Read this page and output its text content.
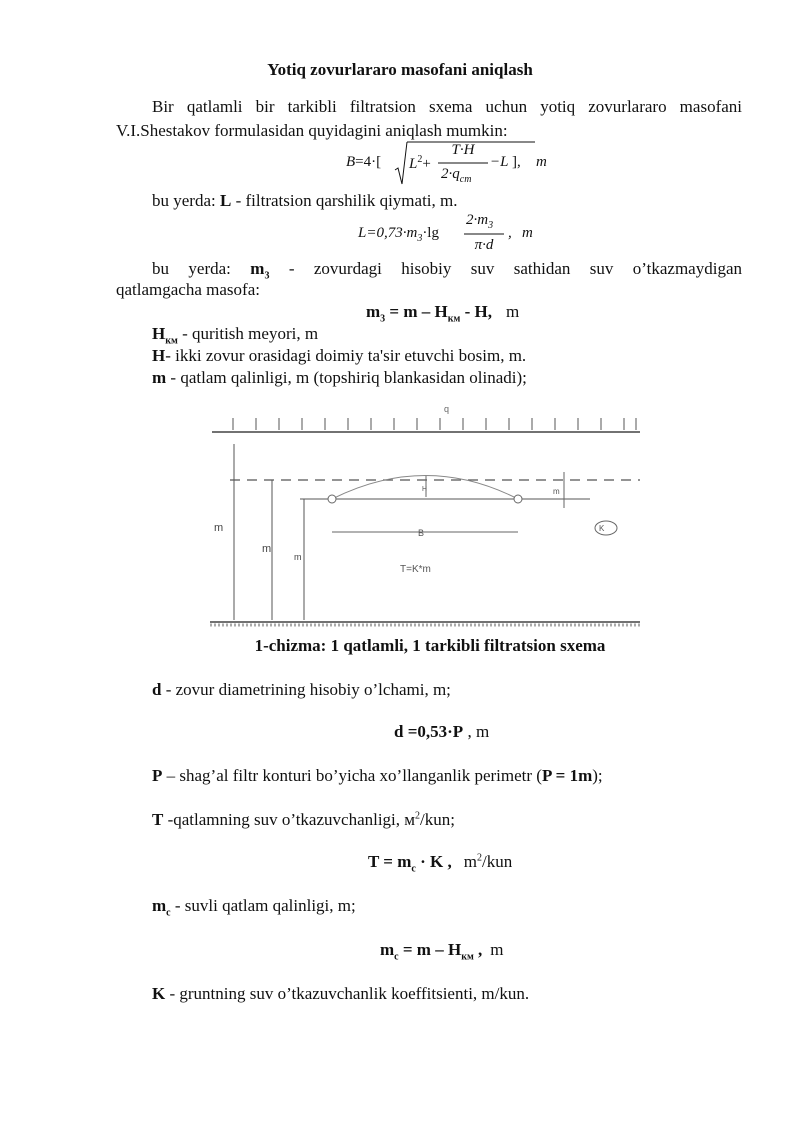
Yotiq zovurlararo masofani aniqlash
Bir qatlamli bir tarkibli filtratsion sxema uchun yotiq zovurlararo masofani
V.I.Shestakov formulasidan quyidagini aniqlash mumkin:
B=4·[ $L^2+$
T·H
$2\cdot q_{cm}$
−L ], m
bu yerda: L - filtratsion qarshilik qiymati, m.
$L=0,73\cdot m_3\cdot\lg$
$2\cdot m_3$
π·d
, m
bu yerda: $m_3$ - zovurdagi hisobiy suv sathidan suv o’tkazmaydigan
qatlamgacha masofa:
$m_3 = m - H_{км} - H$, m
$H_{км}$ - quritish meyori, m
H- ikki zovur orasidagi doimiy ta'sir etuvchi bosim, m.
m - qatlam qalinligi, m (topshiriq blankasidan olinadi);
q
H	m
B	K
m
m
m
T=K*m
1-chizma: 1 qatlamli, 1 tarkibli filtratsion sxema
d - zovur diametrining hisobiy o’lchami, m;
d =0,53·P , m
P – shag’al filtr konturi bo’yicha xo’llanganlik perimetr (P = 1m);
T -qatlamning suv o’tkazuvchanligi, $м^2$/kun;
$T = m_c \cdot K$ , $m^2$/kun
$m_c$ - suvli qatlam qalinligi, m;
$m_c = m - H_{км}$ , m
K - gruntning suv o’tkazuvchanlik koeffitsienti, m/kun.
